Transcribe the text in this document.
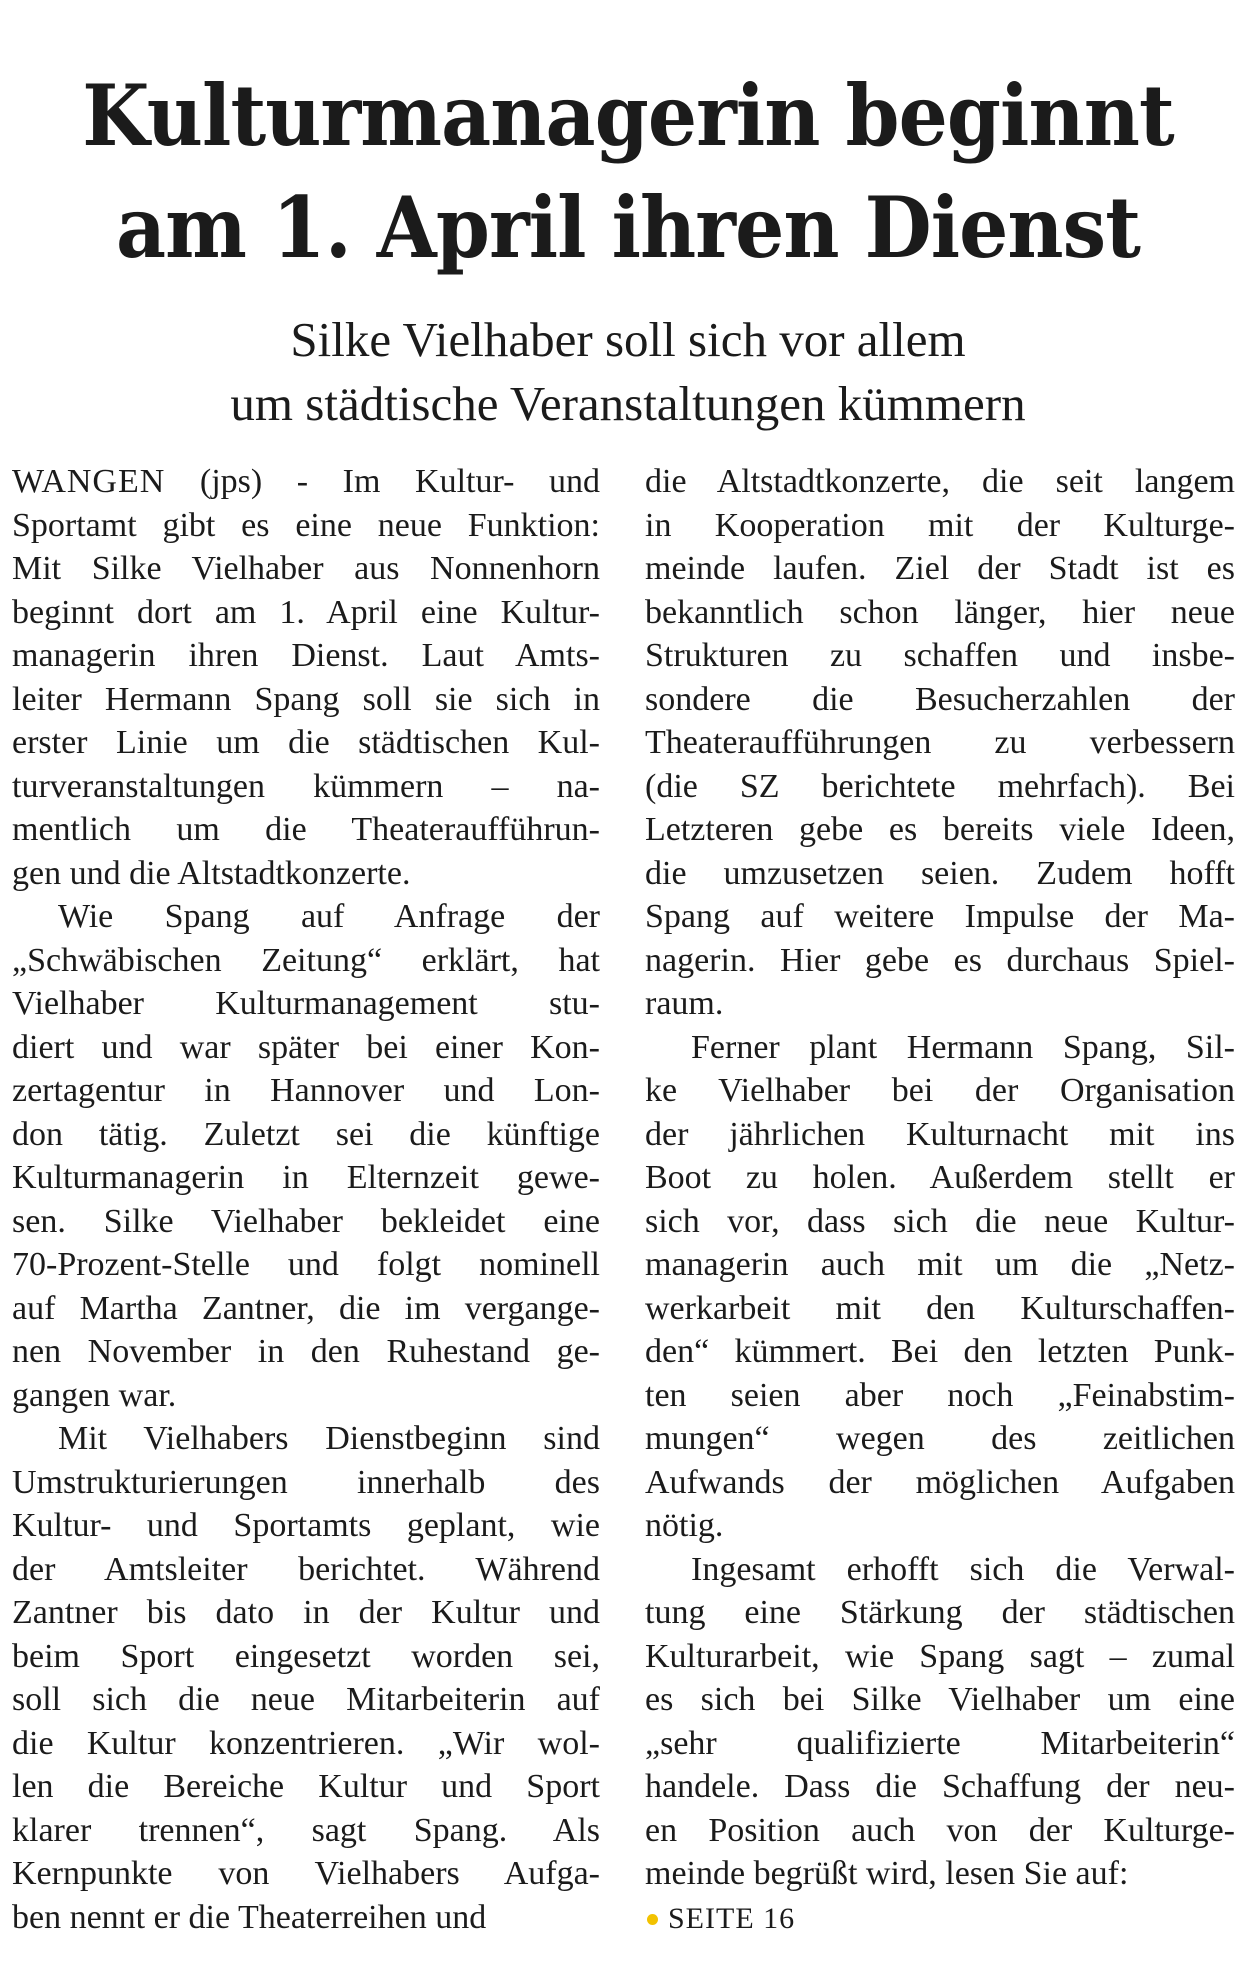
Kulturmanagerin beginnt
am 1. April ihren Dienst
Silke Vielhaber soll sich vor allem
um städtische Veranstaltungen kümmern
WANGEN (jps) - Im Kultur- und
Sportamt gibt es eine neue Funktion:
Mit Silke Vielhaber aus Nonnenhorn
beginnt dort am 1. April eine Kultur-
managerin ihren Dienst. Laut Amts-
leiter Hermann Spang soll sie sich in
erster Linie um die städtischen Kul-
turveranstaltungen kümmern – na-
mentlich um die Theateraufführun-
gen und die Altstadtkonzerte.
Wie Spang auf Anfrage der
„Schwäbischen Zeitung“ erklärt, hat
Vielhaber Kulturmanagement stu-
diert und war später bei einer Kon-
zertagentur in Hannover und Lon-
don tätig. Zuletzt sei die künftige
Kulturmanagerin in Elternzeit gewe-
sen. Silke Vielhaber bekleidet eine
70-Prozent-Stelle und folgt nominell
auf Martha Zantner, die im vergange-
nen November in den Ruhestand ge-
gangen war.
Mit Vielhabers Dienstbeginn sind
Umstrukturierungen innerhalb des
Kultur- und Sportamts geplant, wie
der Amtsleiter berichtet. Während
Zantner bis dato in der Kultur und
beim Sport eingesetzt worden sei,
soll sich die neue Mitarbeiterin auf
die Kultur konzentrieren. „Wir wol-
len die Bereiche Kultur und Sport
klarer trennen“, sagt Spang. Als
Kernpunkte von Vielhabers Aufga-
ben nennt er die Theaterreihen und
die Altstadtkonzerte, die seit langem
in Kooperation mit der Kulturge-
meinde laufen. Ziel der Stadt ist es
bekanntlich schon länger, hier neue
Strukturen zu schaffen und insbe-
sondere die Besucherzahlen der
Theateraufführungen zu verbessern
(die SZ berichtete mehrfach). Bei
Letzteren gebe es bereits viele Ideen,
die umzusetzen seien. Zudem hofft
Spang auf weitere Impulse der Ma-
nagerin. Hier gebe es durchaus Spiel-
raum.
Ferner plant Hermann Spang, Sil-
ke Vielhaber bei der Organisation
der jährlichen Kulturnacht mit ins
Boot zu holen. Außerdem stellt er
sich vor, dass sich die neue Kultur-
managerin auch mit um die „Netz-
werkarbeit mit den Kulturschaffen-
den“ kümmert. Bei den letzten Punk-
ten seien aber noch „Feinabstim-
mungen“ wegen des zeitlichen
Aufwands der möglichen Aufgaben
nötig.
Ingesamt erhofft sich die Verwal-
tung eine Stärkung der städtischen
Kulturarbeit, wie Spang sagt – zumal
es sich bei Silke Vielhaber um eine
„sehr qualifizierte Mitarbeiterin“
handele. Dass die Schaffung der neu-
en Position auch von der Kulturge-
meinde begrüßt wird, lesen Sie auf:
SEITE 16
